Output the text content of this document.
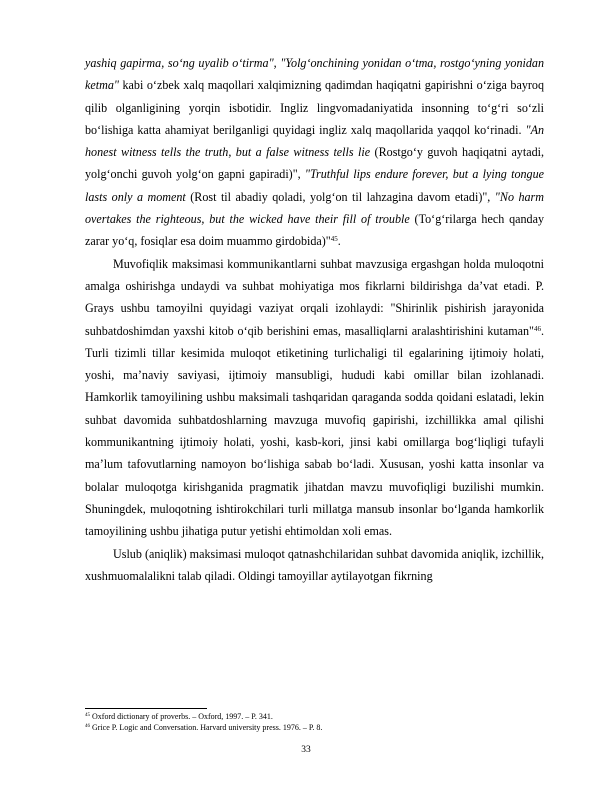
yashiq gapirma, so‘ng uyalib o‘tirma", "Yolg‘onchining yonidan o‘tma, rostgo‘yning yonidan ketma" kabi o‘zbek xalq maqollari xalqimizning qadimdan haqiqatni gapirishni o‘ziga bayroq qilib olganligining yorqin isbotidir. Ingliz lingvomadaniyatida insonning to‘g‘ri so‘zli bo‘lishiga katta ahamiyat berilganligi quyidagi ingliz xalq maqollarida yaqqol ko‘rinadi. "An honest witness tells the truth, but a false witness tells lie (Rostgo‘y guvoh haqiqatni aytadi, yolg‘onchi guvoh yolg‘on gapni gapiradi)", "Truthful lips endure forever, but a lying tongue lasts only a moment (Rost til abadiy qoladi, yolg‘on til lahzagina davom etadi)", "No harm overtakes the righteous, but the wicked have their fill of trouble (To‘g‘rilarga hech qanday zarar yo‘q, fosiqlar esa doim muammo girdobida)"$^{45}$.

Muvofiqlik maksimasi kommunikantlarni suhbat mavzusiga ergashgan holda muloqotni amalga oshirishga undaydi va suhbat mohiyatiga mos fikrlarni bildirishga da’vat etadi. P. Grays ushbu tamoyilni quyidagi vaziyat orqali izohlaydi: "Shirinlik pishirish jarayonida suhbatdoshimdan yaxshi kitob o‘qib berishini emas, masalliqlarni aralashtirishini kutaman"$^{46}$. Turli tizimli tillar kesimida muloqot etiketining turlichaligi til egalarining ijtimoiy holati, yoshi, ma’naviy saviyasi, ijtimoiy mansubligi, hududi kabi omillar bilan izohlanadi. Hamkorlik tamoyilining ushbu maksimali tashqaridan qaraganda sodda qoidani eslatadi, lekin suhbat davomida suhbatdoshlarning mavzuga muvofiq gapirishi, izchillikka amal qilishi kommunikantning ijtimoiy holati, yoshi, kasb-kori, jinsi kabi omillarga bog‘liqligi tufayli ma’lum tafovutlarning namoyon bo‘lishiga sabab bo‘ladi. Xususan, yoshi katta insonlar va bolalar muloqotga kirishganida pragmatik jihatdan mavzu muvofiqligi buzilishi mumkin. Shuningdek, muloqotning ishtirokchilari turli millatga mansub insonlar bo‘lganda hamkorlik tamoyilining ushbu jihatiga putur yetishi ehtimoldan xoli emas.

Uslub (aniqlik) maksimasi muloqot qatnashchilaridan suhbat davomida aniqlik, izchillik, xushmuomalalikni talab qiladi. Oldingi tamoyillar aytilayotgan fikrning

$^{45}$ Oxford dictionary of proverbs. – Oxford, 1997. – P. 341.

$^{46}$ Grice P. Logic and Conversation. Harvard university press. 1976. – P. 8.

33
